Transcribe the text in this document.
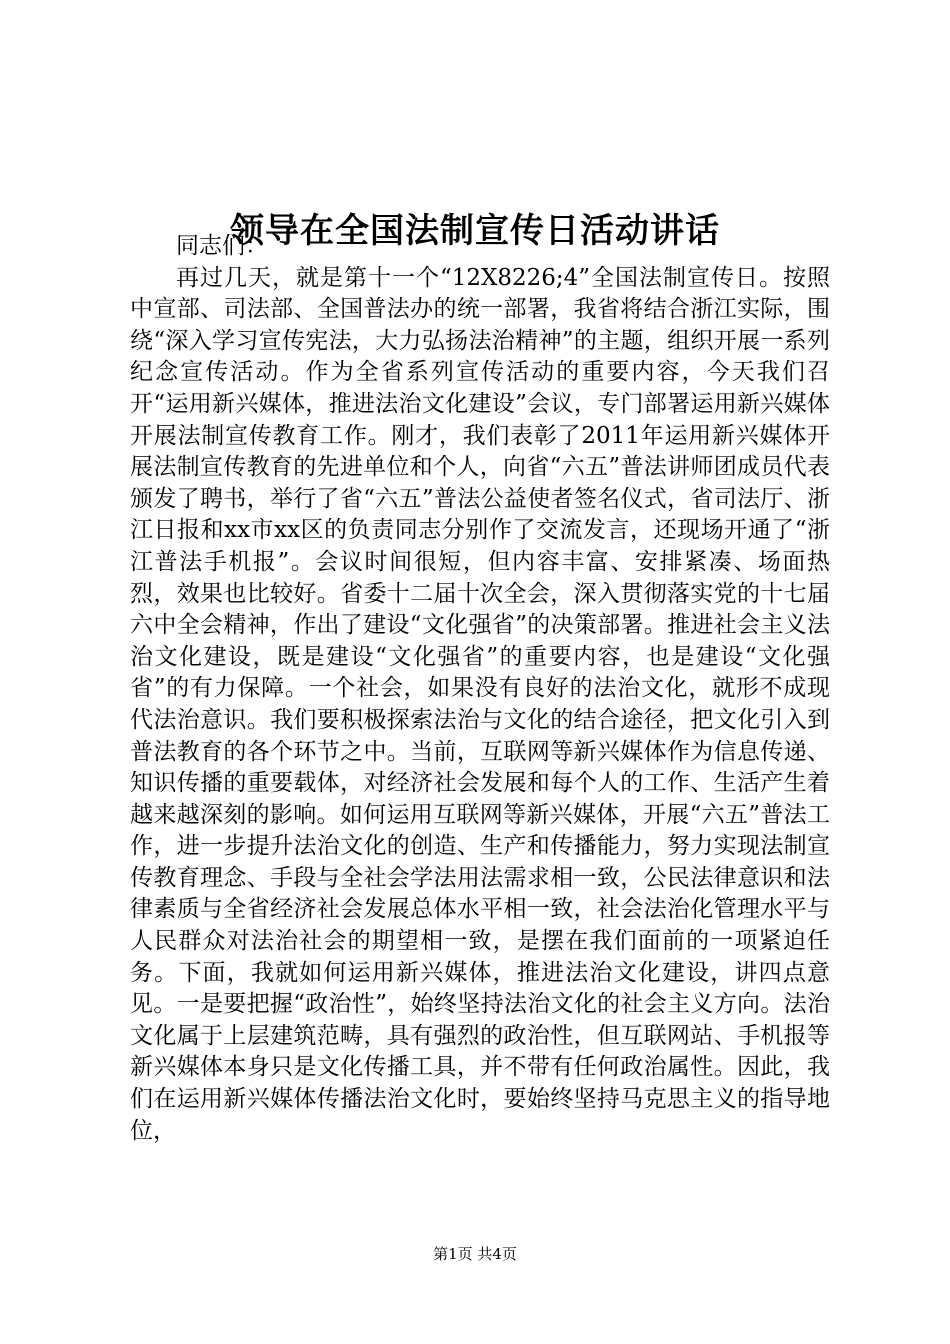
领导在全国法制宣传日活动讲话

同志们：

再过几天，就是第十一个“12X8226;4”全国法制宣传日。按照中宣部、司法部、全国普法办的统一部署，我省将结合浙江实际，围绕“深入学习宣传宪法，大力弘扬法治精神”的主题，组织开展一系列纪念宣传活动。作为全省系列宣传活动的重要内容，今天我们召开“运用新兴媒体，推进法治文化建设”会议，专门部署运用新兴媒体开展法制宣传教育工作。刚才，我们表彰了2011年运用新兴媒体开展法制宣传教育的先进单位和个人，向省“六五”普法讲师团成员代表颁发了聘书，举行了省“六五”普法公益使者签名仪式，省司法厅、浙江日报和xx市xx区的负责同志分别作了交流发言，还现场开通了“浙江普法手机报”。会议时间很短，但内容丰富、安排紧凑、场面热烈，效果也比较好。省委十二届十次全会，深入贯彻落实党的十七届六中全会精神，作出了建设“文化强省”的决策部署。推进社会主义法治文化建设，既是建设“文化强省”的重要内容，也是建设“文化强省”的有力保障。一个社会，如果没有良好的法治文化，就形不成现代法治意识。我们要积极探索法治与文化的结合途径，把文化引入到普法教育的各个环节之中。当前，互联网等新兴媒体作为信息传递、知识传播的重要载体，对经济社会发展和每个人的工作、生活产生着越来越深刻的影响。如何运用互联网等新兴媒体，开展“六五”普法工作，进一步提升法治文化的创造、生产和传播能力，努力实现法制宣传教育理念、手段与全社会学法用法需求相一致，公民法律意识和法律素质与全省经济社会发展总体水平相一致，社会法治化管理水平与人民群众对法治社会的期望相一致，是摆在我们面前的一项紧迫任务。下面，我就如何运用新兴媒体，推进法治文化建设，讲四点意见。一是要把握“政治性”，始终坚持法治文化的社会主义方向。法治文化属于上层建筑范畴，具有强烈的政治性，但互联网站、手机报等新兴媒体本身只是文化传播工具，并不带有任何政治属性。因此，我们在运用新兴媒体传播法治文化时，要始终坚持马克思主义的指导地位，

第1页 共4页
